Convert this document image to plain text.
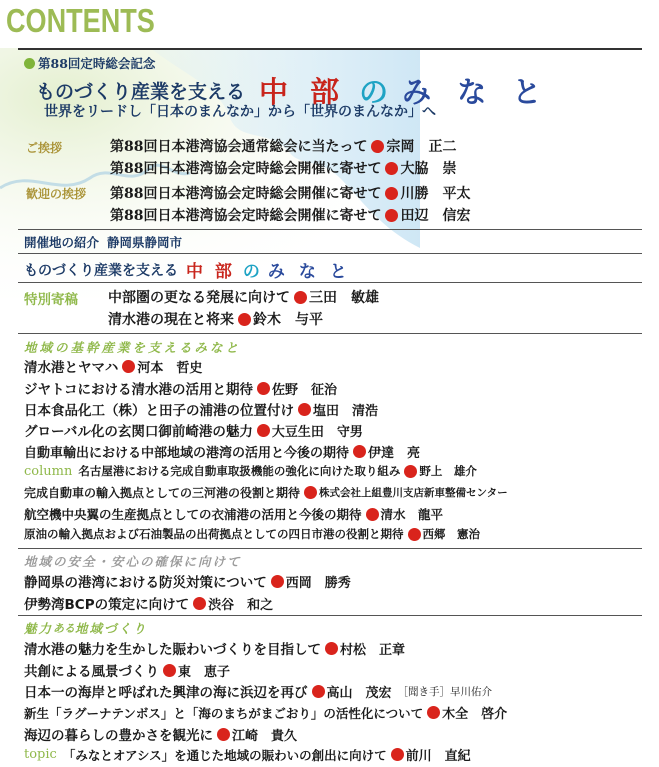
CONTENTS
第88回定時総会記念
ものづくり産業を支える 中 部 の み な と
世界をリードし「日本のまんなか」から「世界のまんなか」へ
ご挨拶
歓迎の挨拶
第88回日本港湾協会通常総会に当たって 宗岡　正二
第88回日本港湾協会定時総会開催に寄せて 大脇　崇
第88回日本港湾協会定時総会開催に寄せて 川勝　平太
第88回日本港湾協会定時総会開催に寄せて 田辺　信宏
開催地の紹介 静岡県静岡市
ものづくり産業を支える 中 部 の み な と
特別寄稿 中部圏の更なる発展に向けて 三田　敏雄
清水港の現在と将来 鈴木　与平
地域の基幹産業を支えるみなと
清水港とヤマハ 河本　哲史
ジヤトコにおける清水港の活用と期待 佐野　征治
日本食品化工（株）と田子の浦港の位置付け 塩田　清浩
グローバル化の玄関口御前崎港の魅力 大豆生田　守男
自動車輸出における中部地域の港湾の活用と今後の期待 伊達　亮
column 名古屋港における完成自動車取扱機能の強化に向けた取り組み 野上　雄介
完成自動車の輸入拠点としての三河港の役割と期待 株式会社上組豊川支店新車整備センター
航空機中央翼の生産拠点としての衣浦港の活用と今後の期待 清水　龍平
原油の輸入拠点および石油製品の出荷拠点としての四日市港の役割と期待 西郷　憲治
地域の安全・安心の確保に向けて
静岡県の港湾における防災対策について 西岡　勝秀
伊勢湾BCPの策定に向けて 渋谷　和之
魅力 ある 地域づくり
清水港の魅力を生かした賑わいづくりを目指して 村松　正章
共創による風景づくり 東　恵子
日本一の海岸と呼ばれた興津の海に浜辺を再び 高山　茂宏 ［聞き手］早川佑介
新生「ラグーナテンボス」と「海のまちがまごおり」の活性化について 木全　啓介
海辺の暮らしの豊かさを観光に 江崎　貴久
topic 「みなとオアシス」を通じた地域の賑わいの創出に向けて 前川　直紀
